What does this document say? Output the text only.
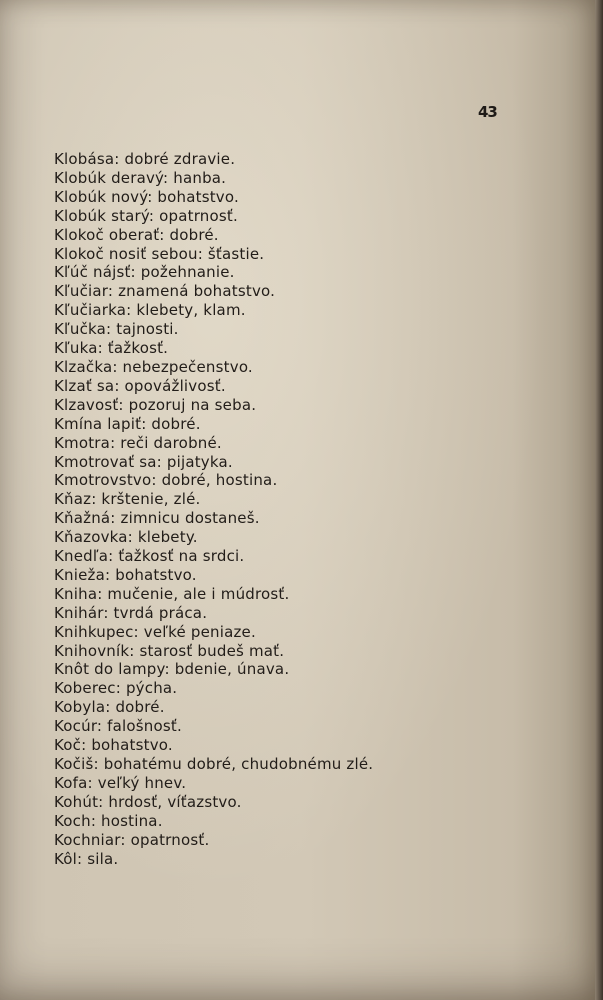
43
Klobása: dobré zdravie.
Klobúk deravý: hanba.
Klobúk nový: bohatstvo.
Klobúk starý: opatrnosť.
Klokoč oberať: dobré.
Klokoč nosiť sebou: šťastie.
Kľúč nájsť: požehnanie.
Kľučiar: znamená bohatstvo.
Kľučiarka: klebety, klam.
Kľučka: tajnosti.
Kľuka: ťažkosť.
Klzačka: nebezpečenstvo.
Klzať sa: opovážlivosť.
Klzavosť: pozoruj na seba.
Kmína lapiť: dobré.
Kmotra: reči darobné.
Kmotrovať sa: pijatyka.
Kmotrovstvo: dobré, hostina.
Kňaz: krštenie, zlé.
Kňažná: zimnicu dostaneš.
Kňazovka: klebety.
Knedľa: ťažkosť na srdci.
Knieža: bohatstvo.
Kniha: mučenie, ale i múdrosť.
Knihár: tvrdá práca.
Knihkupec: veľké peniaze.
Knihovník: starosť budeš mať.
Knôt do lampy: bdenie, únava.
Koberec: pýcha.
Kobyla: dobré.
Kocúr: falošnosť.
Koč: bohatstvo.
Kočiš: bohatému dobré, chudobnému zlé.
Kofa: veľký hnev.
Kohút: hrdosť, víťazstvo.
Koch: hostina.
Kochniar: opatrnosť.
Kôl: sila.
